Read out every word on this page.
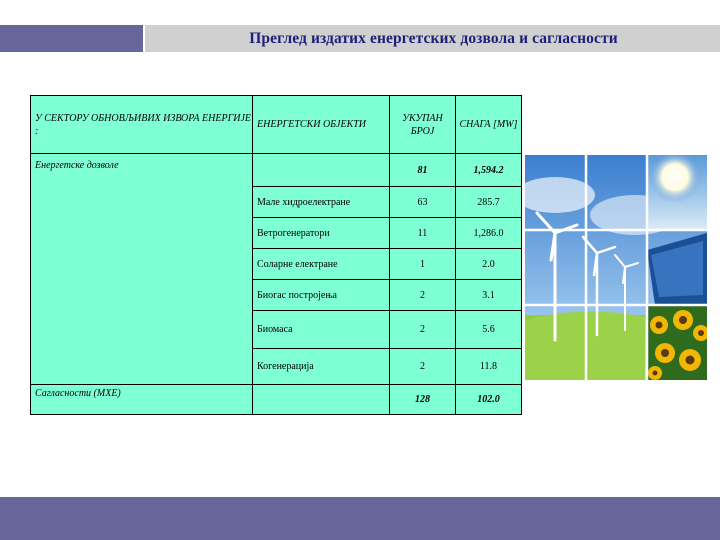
Преглед издатих енергетских дозвола и сагласности
У СЕКТОРУ ОБНОВЉИВИХ ИЗВОРА ЕНЕРГИЈЕ :	ЕНЕРГЕТСКИ ОБЈЕКТИ	УКУПАН БРОЈ	СНАГА [MW]
Енергетске дозволе		81	1,594.2
	Мале хидроелектране	63	285.7
	Ветрогенератори	11	1,286.0
	Соларне електране	1	2.0
	Биогас постројења	2	3.1
	Биомаса	2	5.6
	Когенерација	2	11.8
Сагласности (МХЕ)		128	102.0
